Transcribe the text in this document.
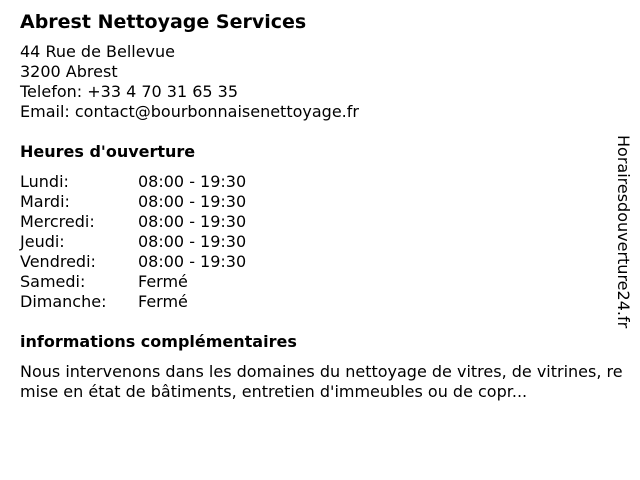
Abrest Nettoyage Services
44 Rue de Bellevue
3200 Abrest
Telefon: +33 4 70 31 65 35
Email: contact@bourbonnaisenettoyage.fr
Heures d'ouverture
Lundi:	08:00 - 19:30
Mardi:	08:00 - 19:30
Mercredi:	08:00 - 19:30
Jeudi:	08:00 - 19:30
Vendredi:	08:00 - 19:30
Samedi:	Fermé
Dimanche:	Fermé
informations complémentaires
Nous intervenons dans les domaines du nettoyage de vitres, de vitrines, remise en état de bâtiments, entretien d'immeubles ou de copr...
Horairesdouverture24.fr
